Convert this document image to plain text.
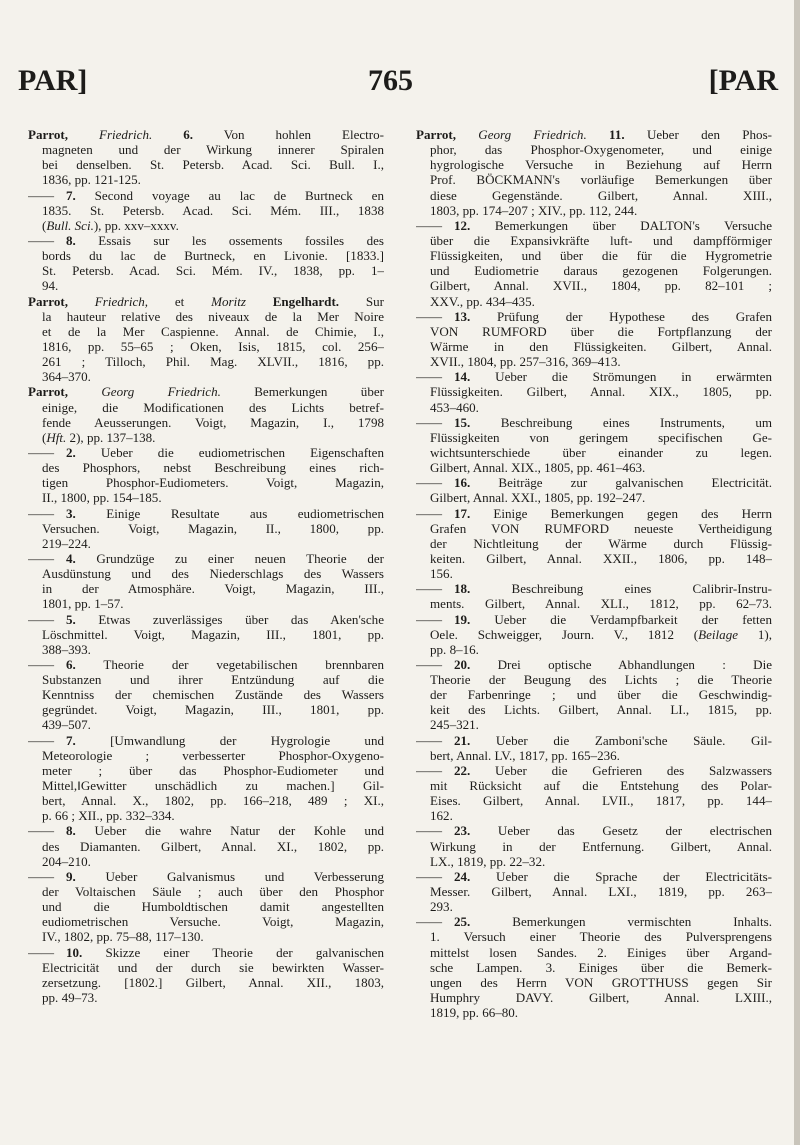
PAR]	765	[PAR
Parrot, Friedrich. 6. Von hohlen Electro-
magneten und der Wirkung innerer Spiralen
bei denselben. St. Petersb. Acad. Sci. Bull. I.,
1836, pp. 121-125.
—— 7. Second voyage au lac de Burtneck en
1835. St. Petersb. Acad. Sci. Mém. III., 1838
(Bull. Sci.), pp. xxv–xxxv.
—— 8. Essais sur les ossements fossiles des
bords du lac de Burtneck, en Livonie. [1833.]
St. Petersb. Acad. Sci. Mém. IV., 1838, pp. 1–
94.
Parrot, Friedrich, et Moritz Engelhardt. Sur
la hauteur relative des niveaux de la Mer Noire
et de la Mer Caspienne. Annal. de Chimie, I.,
1816, pp. 55–65 ; Oken, Isis, 1815, col. 256–
261 ; Tilloch, Phil. Mag. XLVII., 1816, pp.
364–370.
Parrot,	Georg Friedrich. Bemerkungen über
einige, die Modificationen des Lichts betref-
fende Aeusserungen. Voigt, Magazin, I., 1798
(Hft. 2), pp. 137–138.
—— 2. Ueber die eudiometrischen Eigenschaften
des Phosphors, nebst Beschreibung eines rich-
tigen Phosphor-Eudiometers. Voigt, Magazin,
II., 1800, pp. 154–185.
—— 3. Einige Resultate aus eudiometrischen
Versuchen. Voigt, Magazin, II., 1800, pp.
219–224.
—— 4. Grundzüge zu einer neuen Theorie der
Ausdünstung und des Niederschlags des Wassers
in der Atmosphäre. Voigt, Magazin, III.,
1801, pp. 1–57.
—— 5. Etwas zuverlässiges über das Aken'sche
Löschmittel. Voigt, Magazin, III., 1801, pp.
388–393.
—— 6. Theorie der vegetabilischen brennbaren
Substanzen und ihrer Entzündung auf die
Kenntniss der chemischen Zustände des Wassers
gegründet. Voigt, Magazin, III., 1801, pp.
439–507.
—— 7. [Umwandlung der Hygrologie und
Meteorologie ; verbesserter Phosphor-Oxygeno-
meter ; über das Phosphor-Eudiometer und
Mittel,‖Gewitter unschädlich zu machen.] Gil-
bert, Annal. X., 1802, pp. 166–218, 489 ; XI.,
p. 66 ; XII., pp. 332–334.
—— 8. Ueber die wahre Natur der Kohle und
des Diamanten. Gilbert, Annal. XI., 1802, pp.
204–210.
—— 9. Ueber Galvanismus und Verbesserung
der Voltaischen Säule ; auch über den Phosphor
und die Humboldtischen damit angestellten
eudiometrischen Versuche. Voigt, Magazin,
IV., 1802, pp. 75–88, 117–130.
—— 10. Skizze einer Theorie der galvanischen
Electricität und der durch sie bewirkten Wasser-
zersetzung. [1802.] Gilbert, Annal. XII., 1803,
pp. 49–73.
Parrot, Georg Friedrich. 11. Ueber den Phos-
phor, das Phosphor-Oxygenometer, und einige
hygrologische Versuche in Beziehung auf Herrn
Prof. BÖCKMANN's vorläufige Bemerkungen über
diese Gegenstände. Gilbert, Annal. XIII.,
1803, pp. 174–207 ; XIV., pp. 112, 244.
—— 12. Bemerkungen über DALTON's Versuche
über die Expansivkräfte luft- und dampfförmiger
Flüssigkeiten, und über die für die Hygrometrie
und Eudiometrie daraus gezogenen Folgerungen.
Gilbert, Annal. XVII., 1804, pp. 82–101 ;
XXV., pp. 434–435.
—— 13. Prüfung der Hypothese des Grafen
VON RUMFORD über die Fortpflanzung der
Wärme in den Flüssigkeiten. Gilbert, Annal.
XVII., 1804, pp. 257–316, 369–413.
—— 14. Ueber die Strömungen in erwärmten
Flüssigkeiten. Gilbert, Annal. XIX., 1805, pp.
453–460.
—— 15. Beschreibung eines Instruments, um
Flüssigkeiten von geringem specifischen Ge-
wichtsunterschiede über einander zu legen.
Gilbert, Annal. XIX., 1805, pp. 461–463.
—— 16. Beiträge zur galvanischen Electricität.
Gilbert, Annal. XXI., 1805, pp. 192–247.
—— 17. Einige Bemerkungen gegen des Herrn
Grafen VON RUMFORD neueste Vertheidigung
der Nichtleitung der Wärme durch Flüssig-
keiten. Gilbert, Annal. XXII., 1806, pp. 148–
156.
—— 18. Beschreibung eines Calibrir-Instru-
ments. Gilbert, Annal. XLI., 1812, pp. 62–73.
—— 19. Ueber die Verdampfbarkeit der fetten
Oele. Schweigger, Journ. V., 1812 (Beilage 1),
pp. 8–16.
—— 20. Drei optische Abhandlungen : Die
Theorie der Beugung des Lichts ; die Theorie
der Farbenringe ; und über die Geschwindig-
keit des Lichts. Gilbert, Annal. LI., 1815, pp.
245–321.
—— 21. Ueber die Zamboni'sche Säule. Gil-
bert, Annal. LV., 1817, pp. 165–236.
—— 22. Ueber die Gefrieren des Salzwassers
mit Rücksicht auf die Entstehung des Polar-
Eises. Gilbert, Annal. LVII., 1817, pp. 144–
162.
—— 23. Ueber das Gesetz der electrischen
Wirkung in der Entfernung. Gilbert, Annal.
LX., 1819, pp. 22–32.
—— 24. Ueber die Sprache der Electricitäts-
Messer. Gilbert, Annal. LXI., 1819, pp. 263–
293.
—— 25. Bemerkungen vermischten Inhalts.
1. Versuch einer Theorie des Pulversprengens
mittelst losen Sandes. 2. Einiges über Argand-
sche Lampen. 3. Einiges über die Bemerk-
ungen des Herrn VON GROTTHUSS gegen Sir
Humphry DAVY. Gilbert, Annal. LXIII.,
1819, pp. 66–80.
